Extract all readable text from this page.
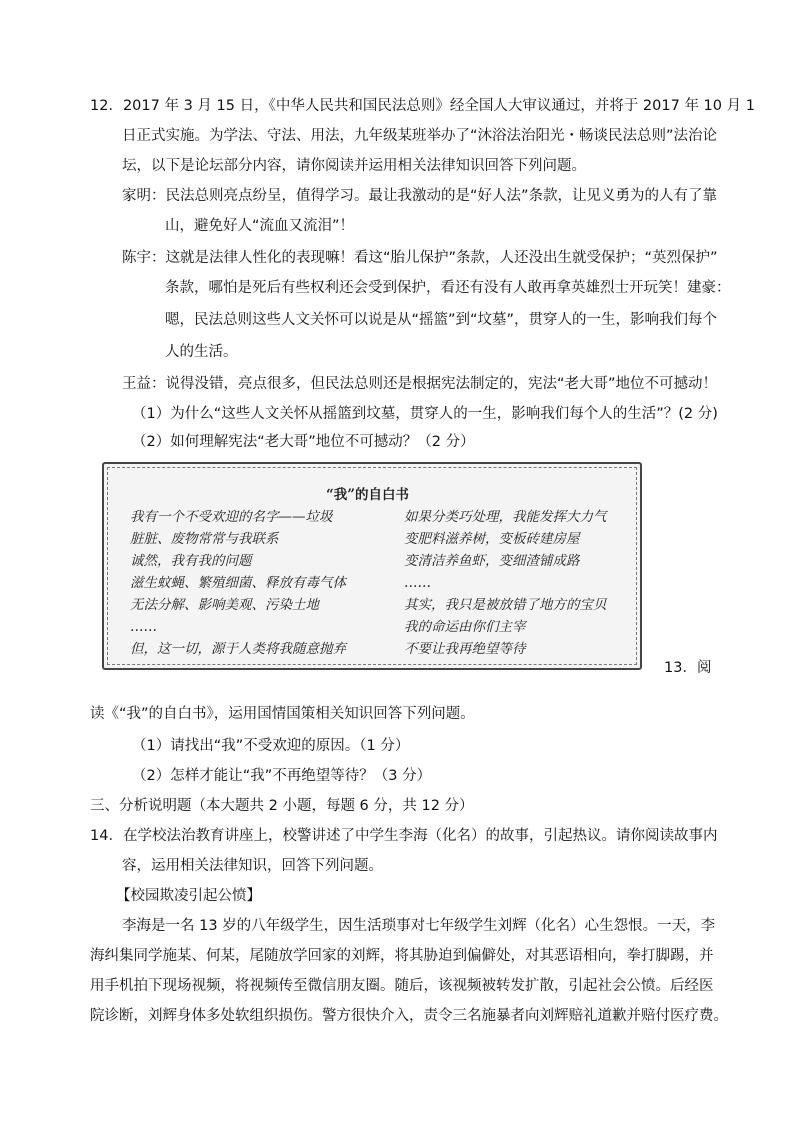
12．2017 年 3 月 15 日，《中华人民共和国民法总则》经全国人大审议通过，并将于 2017 年 10 月 1
日正式实施。为学法、守法、用法，九年级某班举办了“沐浴法治阳光・畅谈民法总则”法治论
坛，以下是论坛部分内容，请你阅读并运用相关法律知识回答下列问题。
家明：民法总则亮点纷呈，值得学习。最让我激动的是“好人法”条款，让见义勇为的人有了靠
山，避免好人“流血又流泪”！
陈宇：这就是法律人性化的表现嘛！看这“胎儿保护”条款，人还没出生就受保护；“英烈保护”
条款，哪怕是死后有些权利还会受到保护，看还有没有人敢再拿英雄烈士开玩笑！建豪：
嗯，民法总则这些人文关怀可以说是从“摇篮”到“坟墓”，贯穿人的一生，影响我们每个
人的生活。
王益：说得没错，亮点很多，但民法总则还是根据宪法制定的，宪法“老大哥”地位不可撼动！
（1）为什么“这些人文关怀从摇篮到坟墓，贯穿人的一生，影响我们每个人的生活”？(2 分)
（2）如何理解宪法“老大哥”地位不可撼动？（2 分）
“我”的自白书
我有一个不受欢迎的名字——垃圾
脏脏、废物常常与我联系
诚然，我有我的问题
滋生蚊蝇、繁殖细菌、释放有毒气体
无法分解、影响美观、污染土地
……
但，这一切，源于人类将我随意抛弃
如果分类巧处理，我能发挥大力气
变肥料滋养树，变板砖建房屋
变清洁养鱼虾，变细渣铺成路
……
其实，我只是被放错了地方的宝贝
我的命运由你们主宰
不要让我再绝望等待
13．阅
读《“我”的自白书》，运用国情国策相关知识回答下列问题。
（1）请找出“我”不受欢迎的原因。（1 分）
（2）怎样才能让“我”不再绝望等待？（3 分）
三、分析说明题（本大题共 2 小题，每题 6 分，共 12 分）
14．在学校法治教育讲座上，校警讲述了中学生李海（化名）的故事，引起热议。请你阅读故事内
容，运用相关法律知识，回答下列问题。
【校园欺凌引起公愤】
李海是一名 13 岁的八年级学生，因生活琐事对七年级学生刘辉（化名）心生怨恨。一天，李
海纠集同学施某、何某，尾随放学回家的刘辉，将其胁迫到偏僻处，对其恶语相向，拳打脚踢，并
用手机拍下现场视频，将视频传至微信朋友圈。随后，该视频被转发扩散，引起社会公愤。后经医
院诊断，刘辉身体多处软组织损伤。警方很快介入，责令三名施暴者向刘辉赔礼道歉并赔付医疗费。
